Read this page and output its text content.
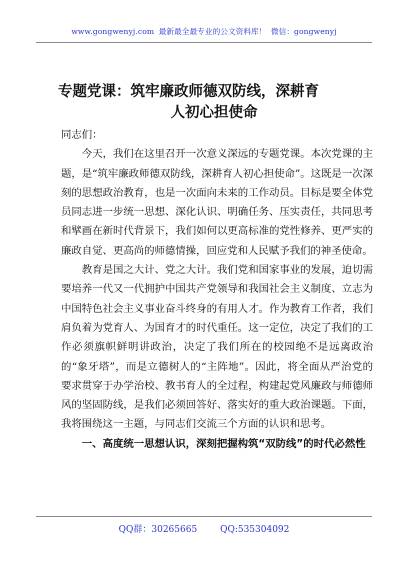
www.gongwenyj.com 最新最全最专业的公文资料库！ 微信：gongwenyj
专题党课：筑牢廉政师德双防线，深耕育
人初心担使命

同志们：

今天，我们在这里召开一次意义深远的专题党课。本次党课的主题，是“筑牢廉政师德双防线，深耕育人初心担使命”。这既是一次深刻的思想政治教育，也是一次面向未来的工作动员。目标是要全体党员同志进一步统一思想、深化认识、明确任务、压实责任，共同思考和擘画在新时代背景下，我们如何以更高标准的党性修养、更严实的廉政自觉、更高尚的师德情操，回应党和人民赋予我们的神圣使命。

教育是国之大计、党之大计。我们党和国家事业的发展，迫切需要培养一代又一代拥护中国共产党领导和我国社会主义制度、立志为中国特色社会主义事业奋斗终身的有用人才。作为教育工作者，我们肩负着为党育人、为国育才的时代重任。这一定位，决定了我们的工作必须旗帜鲜明讲政治，决定了我们所在的校园绝不是远离政治的“象牙塔”，而是立德树人的“主阵地”。因此，将全面从严治党的要求贯穿于办学治校、教书育人的全过程，构建起党风廉政与师德师风的坚固防线，是我们必须回答好、落实好的重大政治课题。下面，我将围绕这一主题，与同志们交流三个方面的认识和思考。

一、高度统一思想认识，深刻把握构筑“双防线”的时代必然性

QQ群：30265665	QQ:535304092
